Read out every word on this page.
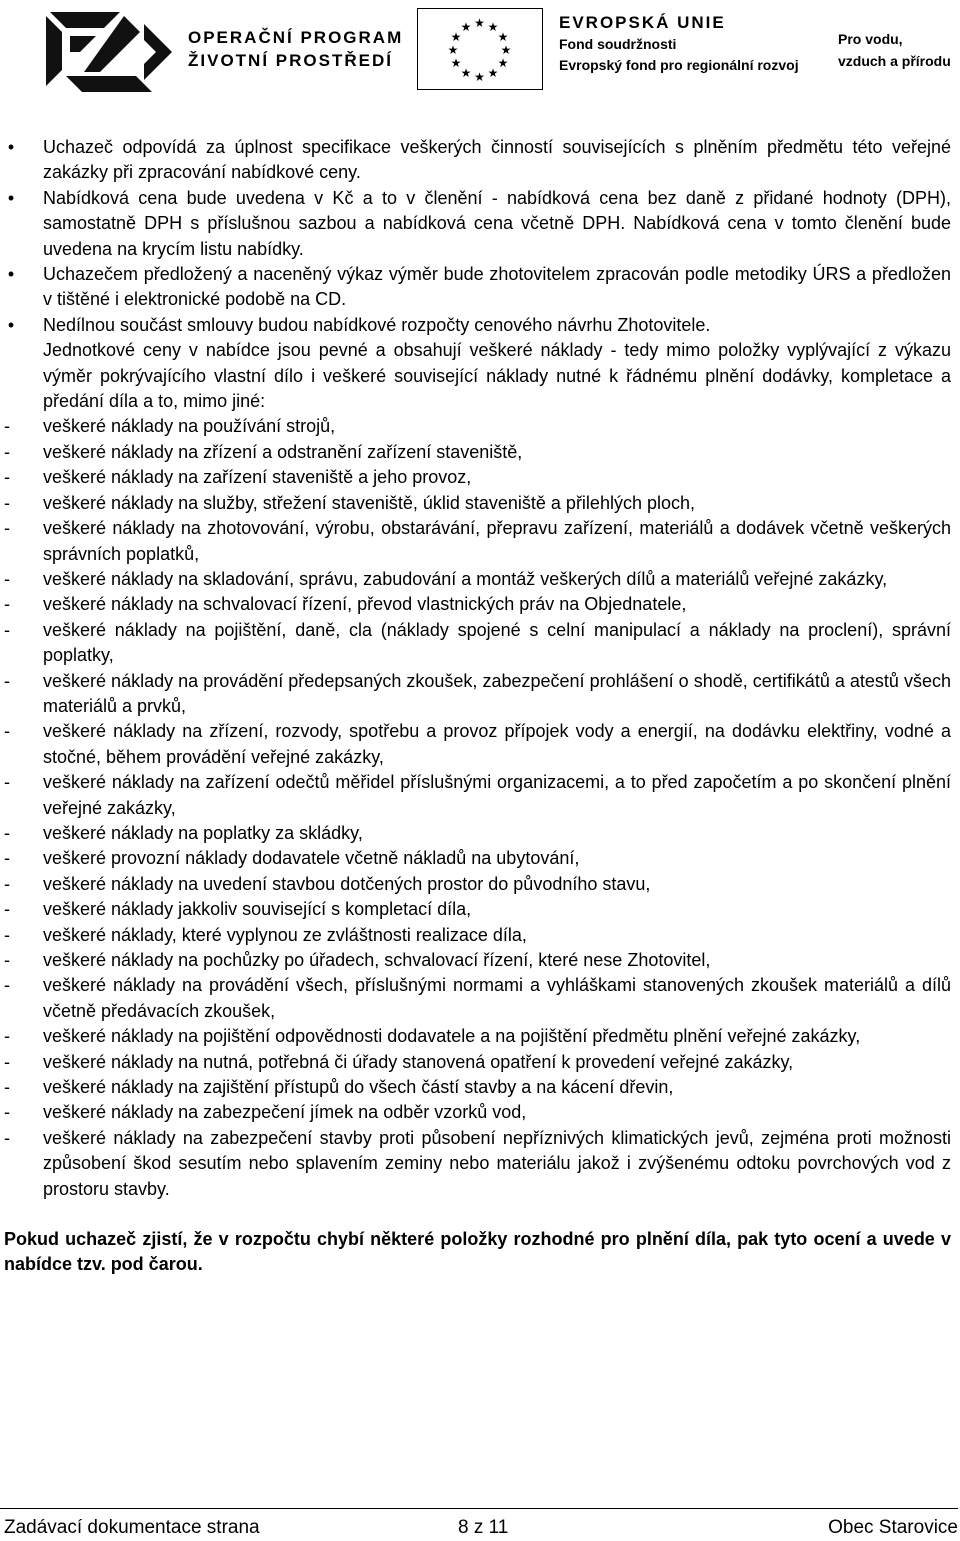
OPERAČNÍ PROGRAM
ŽIVOTNÍ PROSTŘEDÍ
★ ★
★
★
★
★
★
★
★
★
★
★	EVROPSKÁ UNIE
Fond soudržnosti
Evropský fond pro regionální rozvoj
Pro vodu,
vzduch a přírodu
• Uchazeč odpovídá za úplnost specifikace veškerých činností souvisejících s plněním předmětu této veřejné zakázky při zpracování nabídkové ceny.
• Nabídková cena bude uvedena v Kč a to v členění - nabídková cena bez daně z přidané hodnoty (DPH), samostatně DPH s příslušnou sazbou a nabídková cena včetně DPH. Nabídková cena v tomto členění bude uvedena na krycím listu nabídky.
• Uchazečem předložený a naceněný výkaz výměr bude zhotovitelem zpracován podle metodiky ÚRS a předložen v tištěné i elektronické podobě na CD.
• Nedílnou součást smlouvy budou nabídkové rozpočty cenového návrhu Zhotovitele.

Jednotkové ceny v nabídce jsou pevné a obsahují veškeré náklady - tedy mimo položky vyplývající z výkazu výměr pokrývajícího vlastní dílo i veškeré související náklady nutné k řádnému plnění dodávky, kompletace a předání díla a to, mimo jiné:

- veškeré náklady na používání strojů,
- veškeré náklady na zřízení a odstranění zařízení staveniště,
- veškeré náklady na zařízení staveniště a jeho provoz,
- veškeré náklady na služby, střežení staveniště, úklid staveniště a přilehlých ploch,
- veškeré náklady na zhotovování, výrobu, obstarávání, přepravu zařízení, materiálů a dodávek včetně veškerých správních poplatků,
- veškeré náklady na skladování, správu, zabudování a montáž veškerých dílů a materiálů veřejné zakázky,
- veškeré náklady na schvalovací řízení, převod vlastnických práv na Objednatele,
- veškeré náklady na pojištění, daně, cla (náklady spojené s celní manipulací a náklady na proclení), správní poplatky,
- veškeré náklady na provádění předepsaných zkoušek, zabezpečení prohlášení o shodě, certifikátů a atestů všech materiálů a prvků,
- veškeré náklady na zřízení, rozvody, spotřebu a provoz přípojek vody a energií, na dodávku elektřiny, vodné a stočné, během provádění veřejné zakázky,
- veškeré náklady na zařízení odečtů měřidel příslušnými organizacemi, a to před započetím a po skončení plnění veřejné zakázky,
- veškeré náklady na poplatky za skládky,
- veškeré provozní náklady dodavatele včetně nákladů na ubytování,
- veškeré náklady na uvedení stavbou dotčených prostor do původního stavu,
- veškeré náklady jakkoliv související s kompletací díla,
- veškeré náklady, které vyplynou ze zvláštnosti realizace díla,
- veškeré náklady na pochůzky po úřadech, schvalovací řízení, které nese Zhotovitel,
- veškeré náklady na provádění všech, příslušnými normami a vyhláškami stanovených zkoušek materiálů a dílů včetně předávacích zkoušek,
- veškeré náklady na pojištění odpovědnosti dodavatele a na pojištění předmětu plnění veřejné zakázky,
- veškeré náklady na nutná, potřebná či úřady stanovená opatření k provedení veřejné zakázky,
- veškeré náklady na zajištění přístupů do všech částí stavby a na kácení dřevin,
- veškeré náklady na zabezpečení jímek na odběr vzorků vod,
- veškeré náklady na zabezpečení stavby proti působení nepříznivých klimatických jevů, zejména proti možnosti způsobení škod sesutím nebo splavením zeminy nebo materiálu jakož i zvýšenému odtoku povrchových vod z prostoru stavby.

Pokud uchazeč zjistí, že v rozpočtu chybí některé položky rozhodné pro plnění díla, pak tyto ocení a uvede v nabídce tzv. pod čarou.

Zadávací dokumentace strana	8 z 11	Obec Starovice
